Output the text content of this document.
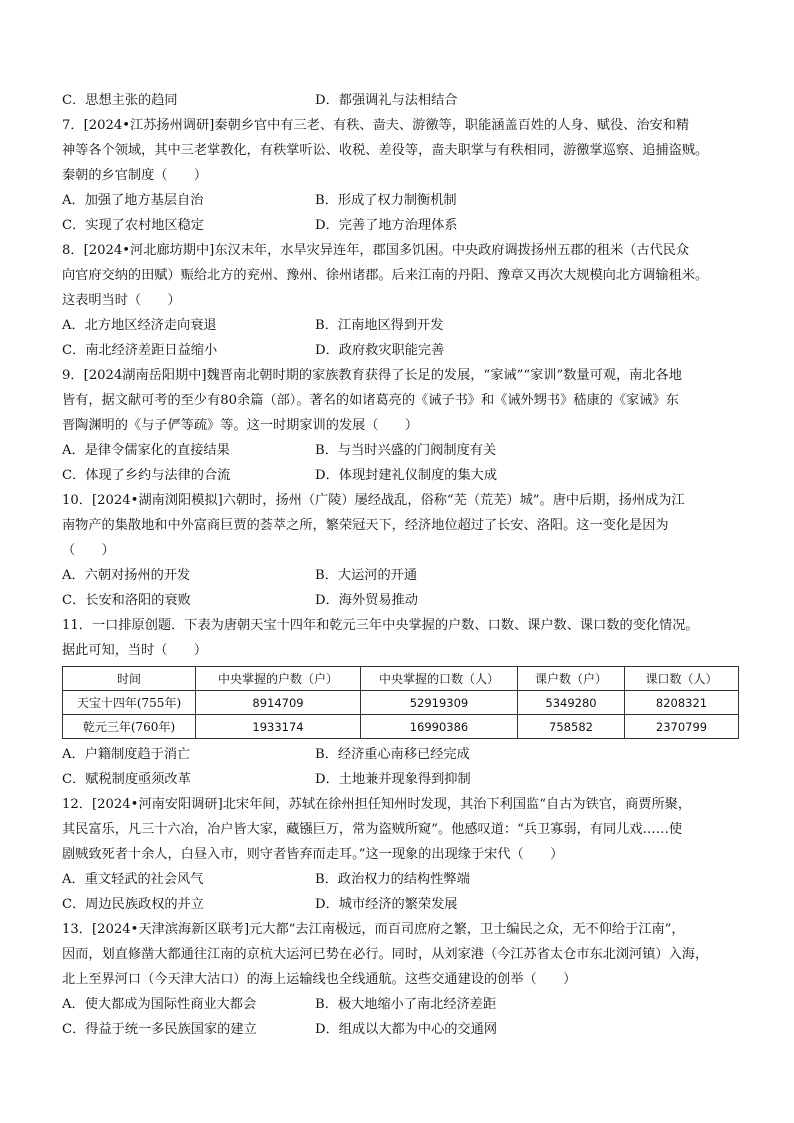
C．思想主张的趋同	D．都强调礼与法相结合
7．[2024•江苏扬州调研]秦朝乡官中有三老、有秩、啬夫、游徼等，职能涵盖百姓的人身、赋役、治安和精
神等各个领域，其中三老掌教化，有秩掌听讼、收税、差役等，啬夫职掌与有秩相同，游徼掌巡察、追捕盗贼。
秦朝的乡官制度（　　）
A．加强了地方基层自治	B．形成了权力制衡机制
C．实现了农村地区稳定	D．完善了地方治理体系
8．[2024•河北廊坊期中]东汉末年，水旱灾异连年，郡国多饥困。中央政府调拨扬州五郡的租米（古代民众
向官府交纳的田赋）赈给北方的兖州、豫州、徐州诸郡。后来江南的丹阳、豫章又再次大规模向北方调输租米。
这表明当时（　　）
A．北方地区经济走向衰退	B．江南地区得到开发
C．南北经济差距日益缩小	D．政府救灾职能完善
9．[2024湖南岳阳期中]魏晋南北朝时期的家族教育获得了长足的发展，“家诫”“家训”数量可观，南北各地
皆有，据文献可考的至少有80余篇（部）。著名的如诸葛亮的《诫子书》和《诫外甥书》嵇康的《家诫》东
晋陶渊明的《与子俨等疏》等。这一时期家训的发展（　　）
A．是律令儒家化的直接结果	B．与当时兴盛的门阀制度有关
C．体现了乡约与法律的合流	D．体现封建礼仪制度的集大成
10．[2024•湖南浏阳模拟]六朝时，扬州（广陵）屡经战乱，俗称“芜（荒芜）城”。唐中后期，扬州成为江
南物产的集散地和中外富商巨贾的荟萃之所，繁荣冠天下，经济地位超过了长安、洛阳。这一变化是因为
（　　）
A．六朝对扬州的开发	B．大运河的开通
C．长安和洛阳的衰败	D．海外贸易推动
11．一口排原创题．下表为唐朝天宝十四年和乾元三年中央掌握的户数、口数、课户数、课口数的变化情况。
据此可知，当时（　　）
时间	中央掌握的户数（户）	中央掌握的口数（人）	课户数（户）	课口数（人）
天宝十四年(755年)	8914709	52919309	5349280	8208321
乾元三年(760年)	1933174	16990386	758582	2370799
A．户籍制度趋于消亡	B．经济重心南移已经完成
C．赋税制度亟须改革	D．土地兼并现象得到抑制
12．[2024•河南安阳调研]北宋年间，苏轼在徐州担任知州时发现，其治下利国监“自古为铁官，商贾所聚，
其民富乐，凡三十六冶，冶户皆大家，藏镪巨万，常为盗贼所窥”。他感叹道：“兵卫寡弱，有同儿戏……使
剧贼致死者十余人，白昼入市，则守者皆弃而走耳。”这一现象的出现缘于宋代（　　）
A．重文轻武的社会风气	B．政治权力的结构性弊端
C．周边民族政权的并立	D．城市经济的繁荣发展
13．[2024•天津滨海新区联考]元大都“去江南极远，而百司庶府之繁，卫士编民之众，无不仰给于江南”，
因而，划直修凿大都通往江南的京杭大运河已势在必行。同时，从刘家港（今江苏省太仓市东北浏河镇）入海，
北上至界河口（今天津大沽口）的海上运输线也全线通航。这些交通建设的创举（　　）
A．使大都成为国际性商业大都会	B．极大地缩小了南北经济差距
C．得益于统一多民族国家的建立	D．组成以大都为中心的交通网
